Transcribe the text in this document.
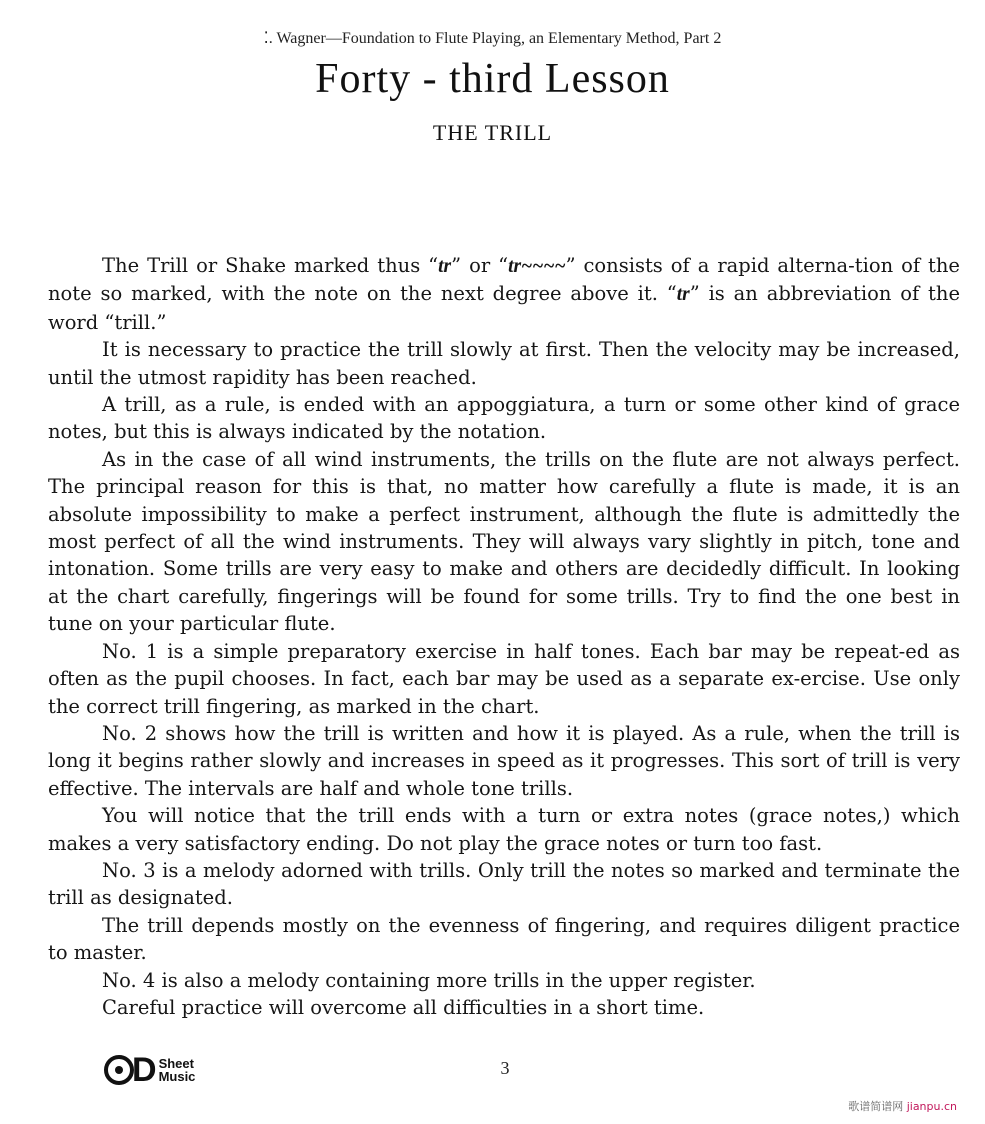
⁚. Wagner—Foundation to Flute Playing, an Elementary Method, Part 2
Forty - third Lesson
THE TRILL

The Trill or Shake marked thus “tr” or “tr~~~~” consists of a rapid alterna-tion of the note so marked, with the note on the next degree above it. “tr” is an abbreviation of the word “trill.”

It is necessary to practice the trill slowly at first. Then the velocity may be increased, until the utmost rapidity has been reached.

A trill, as a rule, is ended with an appoggiatura, a turn or some other kind of grace notes, but this is always indicated by the notation.

As in the case of all wind instruments, the trills on the flute are not always perfect. The principal reason for this is that, no matter how carefully a flute is made, it is an absolute impossibility to make a perfect instrument, although the flute is admittedly the most perfect of all the wind instruments. They will always vary slightly in pitch, tone and intonation. Some trills are very easy to make and others are decidedly difficult. In looking at the chart carefully, fingerings will be found for some trills. Try to find the one best in tune on your particular flute.

No. 1 is a simple preparatory exercise in half tones. Each bar may be repeat-ed as often as the pupil chooses. In fact, each bar may be used as a separate ex-ercise. Use only the correct trill fingering, as marked in the chart.

No. 2 shows how the trill is written and how it is played. As a rule, when the trill is long it begins rather slowly and increases in speed as it progresses. This sort of trill is very effective. The intervals are half and whole tone trills.

You will notice that the trill ends with a turn or extra notes (grace notes,) which makes a very satisfactory ending. Do not play the grace notes or turn too fast.

No. 3 is a melody adorned with trills. Only trill the notes so marked and terminate the trill as designated.

The trill depends mostly on the evenness of fingering, and requires diligent practice to master.

No. 4 is also a melody containing more trills in the upper register.

Careful practice will overcome all difficulties in a short time.

D Sheet
Music	3
歌谱简谱网 jianpu.cn
